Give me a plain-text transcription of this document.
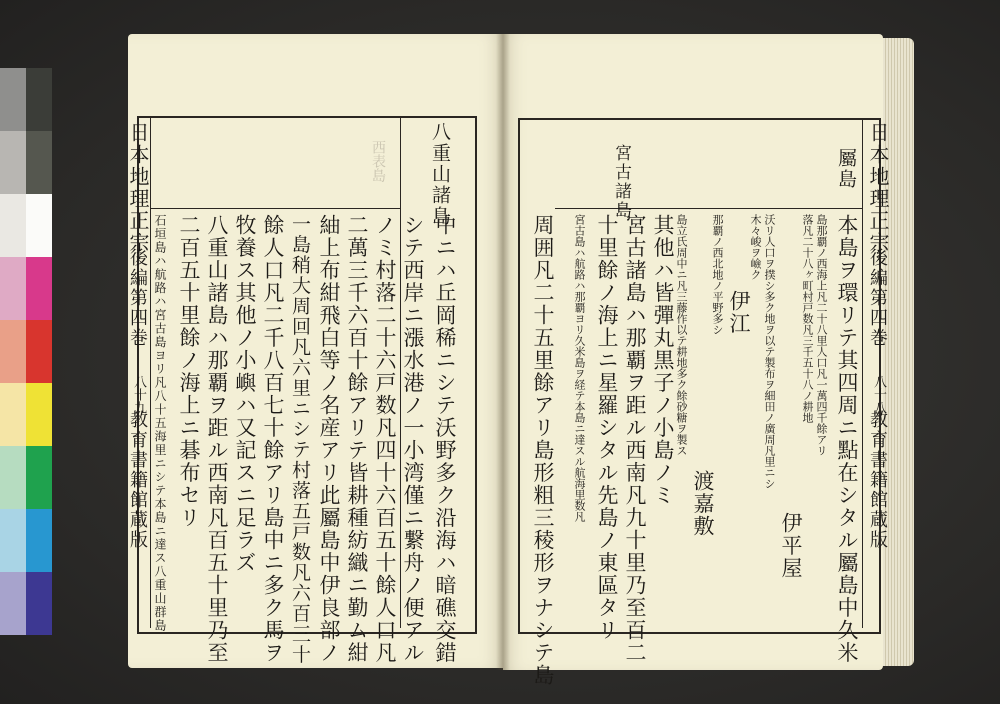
日本地理正宗
後編第四巻
八十九
教育書籍館蔵版
西表島 八重山諸島
中ニハ丘岡稀ニシテ沃野多ク沿海ハ暗礁交錯
シテ西岸ニ漲水港ノ一小湾僅ニ繋舟ノ便アル
ノミ村落二十六戸数凡四十六百五十餘人口凡
二萬三千六百十餘アリテ皆耕種紡織ニ勤ム紺
紬上布紺飛白等ノ名産アリ此屬島中伊良部ノ
一島稍大周回凡六里ニシテ村落五戸数凡六百三十
餘人口凡二千八百七十餘アリ島中ニ多ク馬ヲ
牧養ス其他ノ小嶼ハ又記スニ足ラズ
八重山諸島ハ那覇ヲ距ル西南凡百五十里乃至
二百五十里餘ノ海上ニ碁布セリ
石垣島ハ航路ハ宮古島ヨリ凡八十五海里ニシテ本島ニ達ス八重山群島
屬島
宮古諸島	日本地理正宗
後編第四巻
八十八
教育書籍館蔵版
本島ヲ環リテ其四周ニ點在シタル屬島中久米
島那覇ノ西海上凡二十八里人口凡一萬四千餘アリ
落凡二十八ヶ町村戸数凡三千五十八ノ耕地
伊平屋
沃リ人口ヲ撲シ多ク地ヲ以テ製布ヲ細田ノ廣周凡里ニシ
木々峻ヲ嶮ク
伊江
那覇ノ西北地ノ平野多シ
渡嘉敷
島立氏周中ニ凡三藤作以テ耕地多ク餘砂糖ヲ製ス
其他ハ皆彈丸黒子ノ小島ノミ
宮古諸島ハ那覇ヲ距ル西南凡九十里乃至百二
十里餘ノ海上ニ星羅シタル先島ノ東區タリ
宮古島ハ航路ハ那覇ヨリ久米島ヲ経テ本島ニ達スル航海里数凡
周囲凡二十五里餘アリ島形粗三稜形ヲナシテ島
